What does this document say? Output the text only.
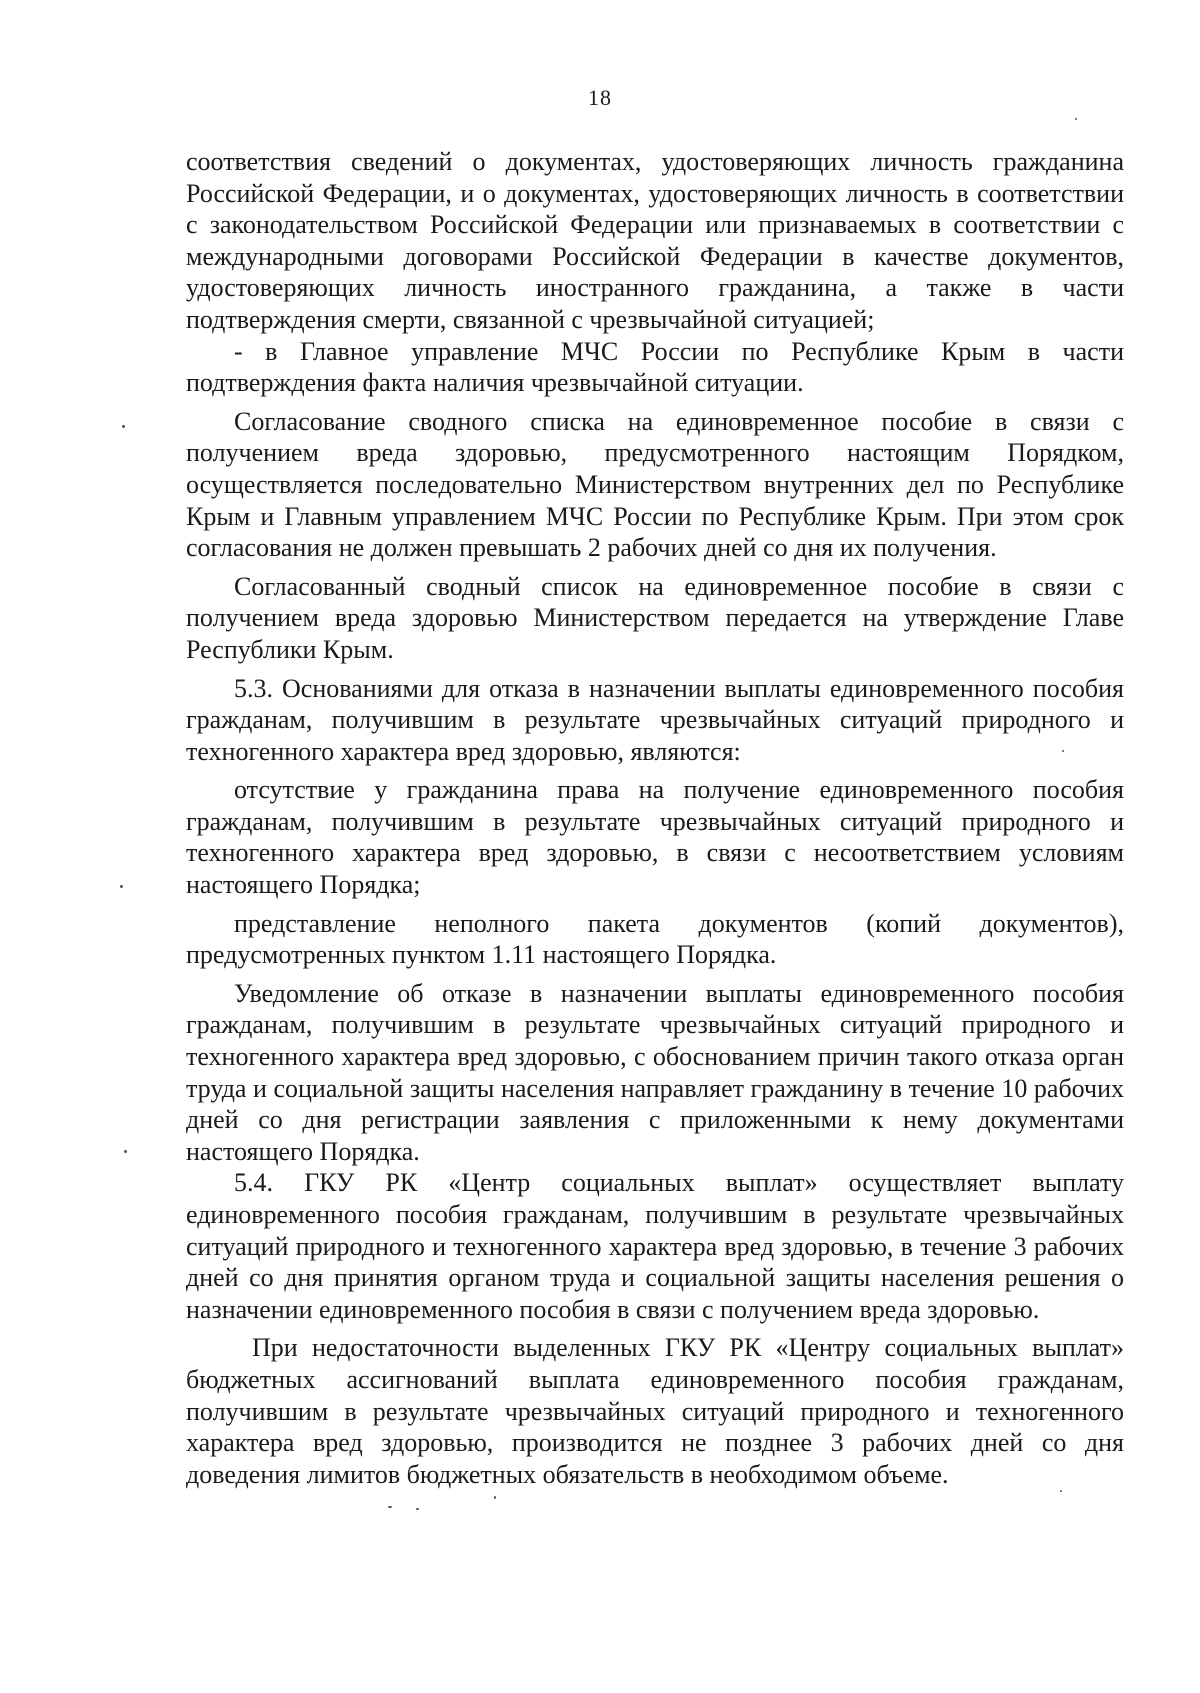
18

соответствия сведений о документах, удостоверяющих личность гражданина Российской Федерации, и о документах, удостоверяющих личность в соответствии с законодательством Российской Федерации или признаваемых в соответствии с международными договорами Российской Федерации в качестве документов, удостоверяющих личность иностранного гражданина, а также в части подтверждения смерти, связанной с чрезвычайной ситуацией;

- в Главное управление МЧС России по Республике Крым в части подтверждения факта наличия чрезвычайной ситуации.

Согласование сводного списка на единовременное пособие в связи с получением вреда здоровью, предусмотренного настоящим Порядком, осуществляется последовательно Министерством внутренних дел по Республике Крым и Главным управлением МЧС России по Республике Крым. При этом срок согласования не должен превышать 2 рабочих дней со дня их получения.

Согласованный сводный список на единовременное пособие в связи с получением вреда здоровью Министерством передается на утверждение Главе Республики Крым.

5.3. Основаниями для отказа в назначении выплаты единовременного пособия гражданам, получившим в результате чрезвычайных ситуаций природного и техногенного характера вред здоровью, являются:

отсутствие у гражданина права на получение единовременного пособия гражданам, получившим в результате чрезвычайных ситуаций природного и техногенного характера вред здоровью, в связи с несоответствием условиям настоящего Порядка;

представление неполного пакета документов (копий документов), предусмотренных пунктом 1.11 настоящего Порядка.

Уведомление об отказе в назначении выплаты единовременного пособия гражданам, получившим в результате чрезвычайных ситуаций природного и техногенного характера вред здоровью, с обоснованием причин такого отказа орган труда и социальной защиты населения направляет гражданину в течение 10 рабочих дней со дня регистрации заявления с приложенными к нему документами настоящего Порядка.

5.4. ГКУ РК «Центр социальных выплат» осуществляет выплату единовременного пособия гражданам, получившим в результате чрезвычайных ситуаций природного и техногенного характера вред здоровью, в течение 3 рабочих дней со дня принятия органом труда и социальной защиты населения решения о назначении единовременного пособия в связи с получением вреда здоровью.

При недостаточности выделенных ГКУ РК «Центру социальных выплат» бюджетных ассигнований выплата единовременного пособия гражданам, получившим в результате чрезвычайных ситуаций природного и техногенного характера вред здоровью, производится не позднее 3 рабочих дней со дня доведения лимитов бюджетных обязательств в необходимом объеме.
